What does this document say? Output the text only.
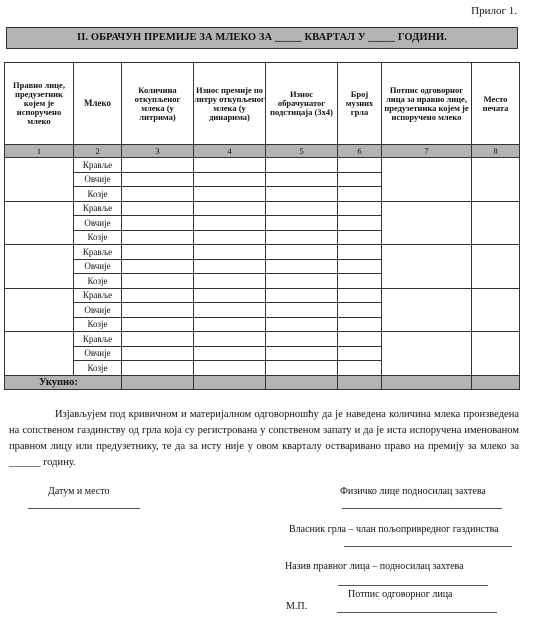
Прилог 1.
II. ОБРАЧУН ПРЕМИЈЕ ЗА МЛЕКО ЗА _____ КВАРТАЛ У _____ ГОДИНИ.
Правно лице, предузетник којем је испоручено млеко	Млеко	Количина откупљеног млека (у литрима)	Износ премије по литру откупљеног млека (у динарима)	Износ обрачунатог подстицаја (3x4)	Број музних грла	Потпис одговорног лица за правно лице, предузетника којем је испоручено млеко	Место печата
1	2	3	4	5	6	7	8
	Крављe						
	Овчије						
	Козје						
	Крављe						
	Овчије						
	Козје						
	Крављe						
	Овчије						
	Козје						
	Крављe						
	Овчије						
	Козје						
	Крављe						
	Овчије						
	Козје						
Укупно:							
Изјављујем под кривичном и материјалном одговорношћу да је наведена количина млека произведена на сопственом газдинству од грла која су регистрована у сопственом запату и да је иста испоручена именованом правном лицу или предузетнику, те да за исту није у овом кварталу остваривано право на премију за млеко за ______ годину.
Датум и место	Физичко лице подносилац захтева
Власник грла – члан пољопривредног газдинства
Назив правног лица – подносилац захтева
Потпис одговорног лица
М.П.
